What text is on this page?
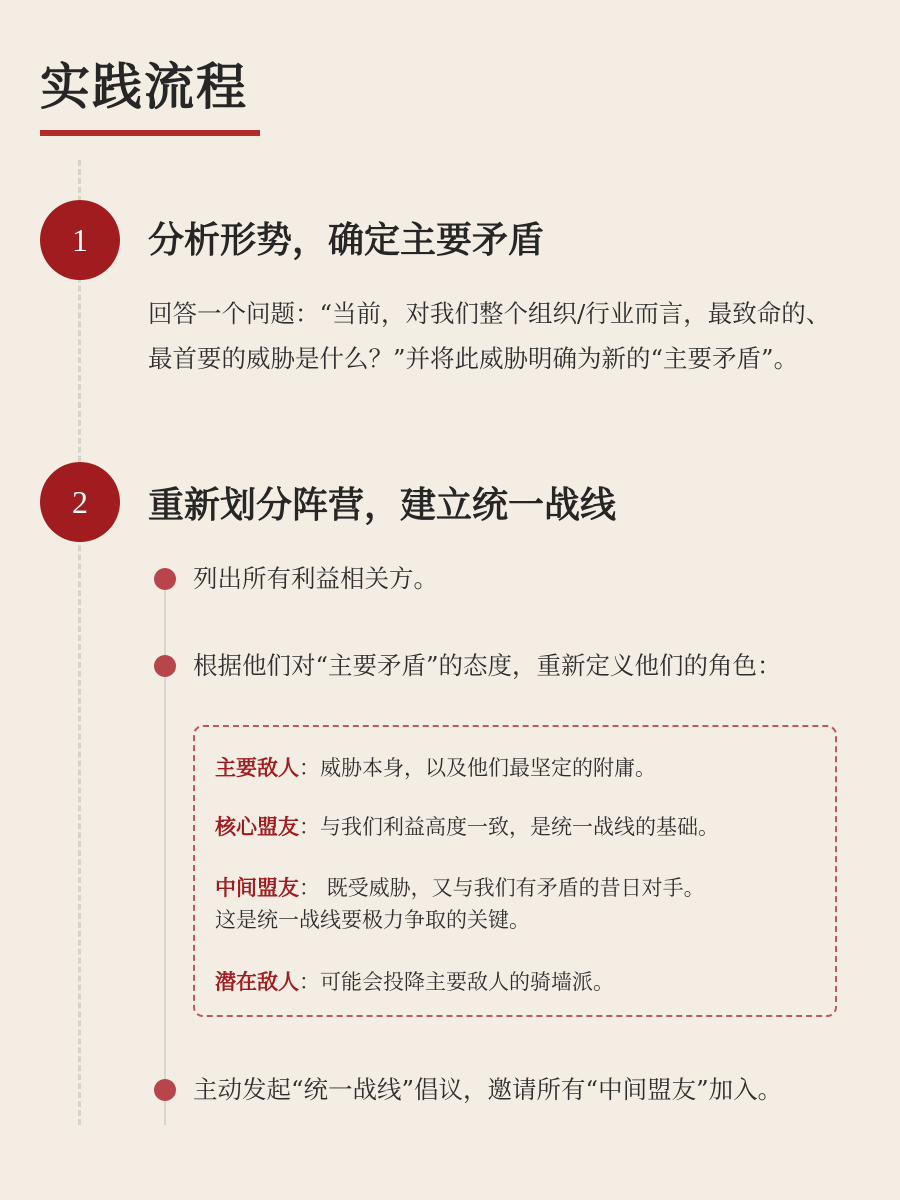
实践流程
1	分析形势，确定主要矛盾
回答一个问题：“当前，对我们整个组织/行业而言，最致命的、最首要的威胁是什么？”并将此威胁明确为新的“主要矛盾”。
2	重新划分阵营，建立统一战线
列出所有利益相关方。
根据他们对“主要矛盾”的态度，重新定义他们的角色：
主要敌人：威胁本身，以及他们最坚定的附庸。
核心盟友：与我们利益高度一致，是统一战线的基础。
中间盟友： 既受威胁，又与我们有矛盾的昔日对手。
这是统一战线要极力争取的关键。
潜在敌人：可能会投降主要敌人的骑墙派。
主动发起“统一战线”倡议，邀请所有“中间盟友”加入。
